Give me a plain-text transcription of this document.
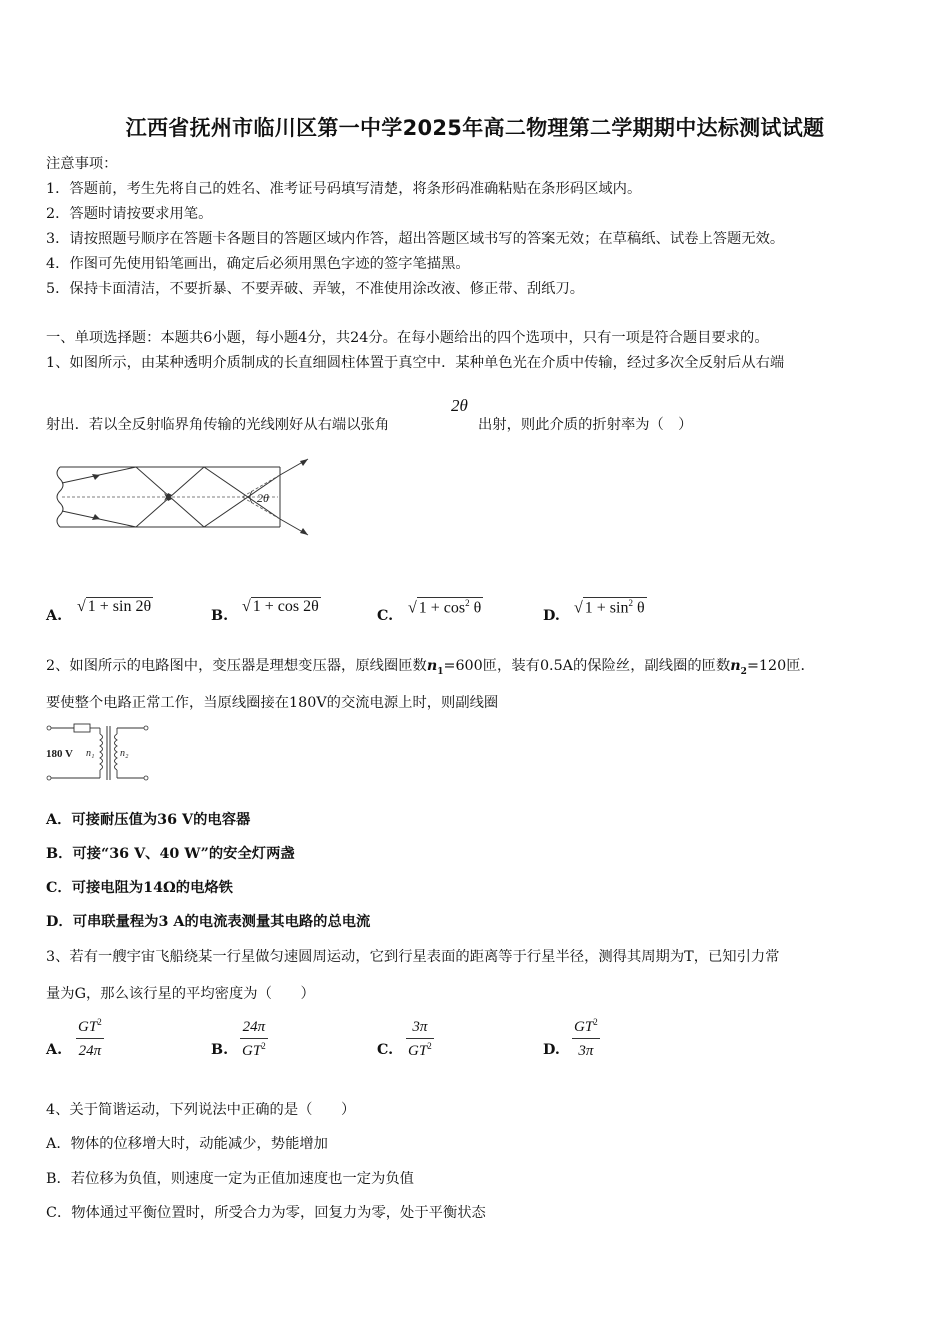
江西省抚州市临川区第一中学2025年高二物理第二学期期中达标测试试题
注意事项：
1．答题前，考生先将自己的姓名、准考证号码填写清楚，将条形码准确粘贴在条形码区域内。
2．答题时请按要求用笔。
3．请按照题号顺序在答题卡各题目的答题区域内作答，超出答题区域书写的答案无效；在草稿纸、试卷上答题无效。
4．作图可先使用铅笔画出，确定后必须用黑色字迹的签字笔描黑。
5．保持卡面清洁，不要折暴、不要弄破、弄皱，不准使用涂改液、修正带、刮纸刀。
一、单项选择题：本题共6小题，每小题4分，共24分。在每小题给出的四个选项中，只有一项是符合题目要求的。
1、如图所示，由某种透明介质制成的长直细圆柱体置于真空中．某种单色光在介质中传输，经过多次全反射后从右端
射出．若以全反射临界角传输的光线刚好从右端以张角
2θ
出射，则此介质的折射率为（　）
2θ
A.
√ 1 + sin 2θ
B.
√ 1 + cos 2θ
C. √ $1 + \cos^2 \theta$	D. √ $1 + \sin^2 \theta$
2、如图所示的电路图中，变压器是理想变压器，原线圈匝数$n_1=600$匝，装有0.5A的保险丝，副线圈的匝数$n_2=120$匝．
要使整个电路正常工作，当原线圈接在180V的交流电源上时，则副线圈
180 V n₁	n₂
A．可接耐压值为36 V的电容器
B．可接“36 V、40 W”的安全灯两盏
C．可接电阻为14Ω的电烙铁
D．可串联量程为3 A的电流表测量其电路的总电流
3、若有一艘宇宙飞船绕某一行星做匀速圆周运动，它到行星表面的距离等于行星半径，测得其周期为T，已知引力常
量为G，那么该行星的平均密度为（　　）
A. $\frac{GT^2}{24\pi}$	B. $\frac{24\pi}{GT^2}$	C. $\frac{3\pi}{GT^2}$	D. $\frac{GT^2}{3\pi}$
4、关于简谐运动，下列说法中正确的是（　　）
A．物体的位移增大时，动能减少，势能增加
B．若位移为负值，则速度一定为正值加速度也一定为负值
C．物体通过平衡位置时，所受合力为零，回复力为零，处于平衡状态
